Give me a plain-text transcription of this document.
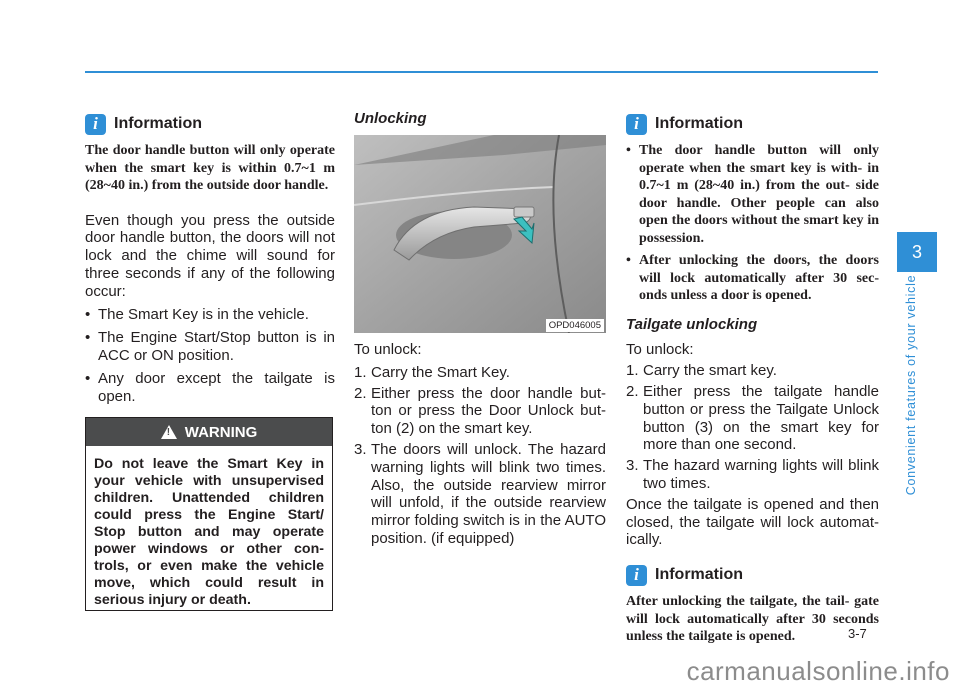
i	Information

The door handle button will only operate when the smart key is within 0.7~1 m (28~40 in.) from the outside door handle.

Even though you press the outside door handle button, the doors will not lock and the chime will sound for three seconds if any of the following occur:

• The Smart Key is in the vehicle.
• The Engine Start/Stop button is in ACC or ON position.
• Any door except the tailgate is open.
! WARNING
Do not leave the Smart Key in your vehicle with unsupervised children. Unattended children could press the Engine Start/ Stop button and may operate power windows or other con- trols, or even make the vehicle move, which could result in serious injury or death.
Unlocking
OPD046005

To unlock:

1. Carry the Smart Key.
2. Either press the door handle but- ton or press the Door Unlock but- ton (2) on the smart key.
3. The doors will unlock. The hazard warning lights will blink two times. Also, the outside rearview mirror will unfold, if the outside rearview mirror folding switch is in the AUTO position. (if equipped)
i	Information
• The door handle button will only operate when the smart key is with- in 0.7~1 m (28~40 in.) from the out- side door handle. Other people can also open the doors without the smart key in possession.
• After unlocking the doors, the doors will lock automatically after 30 sec- onds unless a door is opened.
Tailgate unlocking

To unlock:

1. Carry the smart key.
2. Either press the tailgate handle button or press the Tailgate Unlock button (3) on the smart key for more than one second.
3. The hazard warning lights will blink two times.

Once the tailgate is opened and then closed, the tailgate will lock automat- ically.

i	Information

After unlocking the tailgate, the tail- gate will lock automatically after 30 seconds unless the tailgate is opened.

3
Convenient features of your vehicle
3-7
carmanualsonline.info
